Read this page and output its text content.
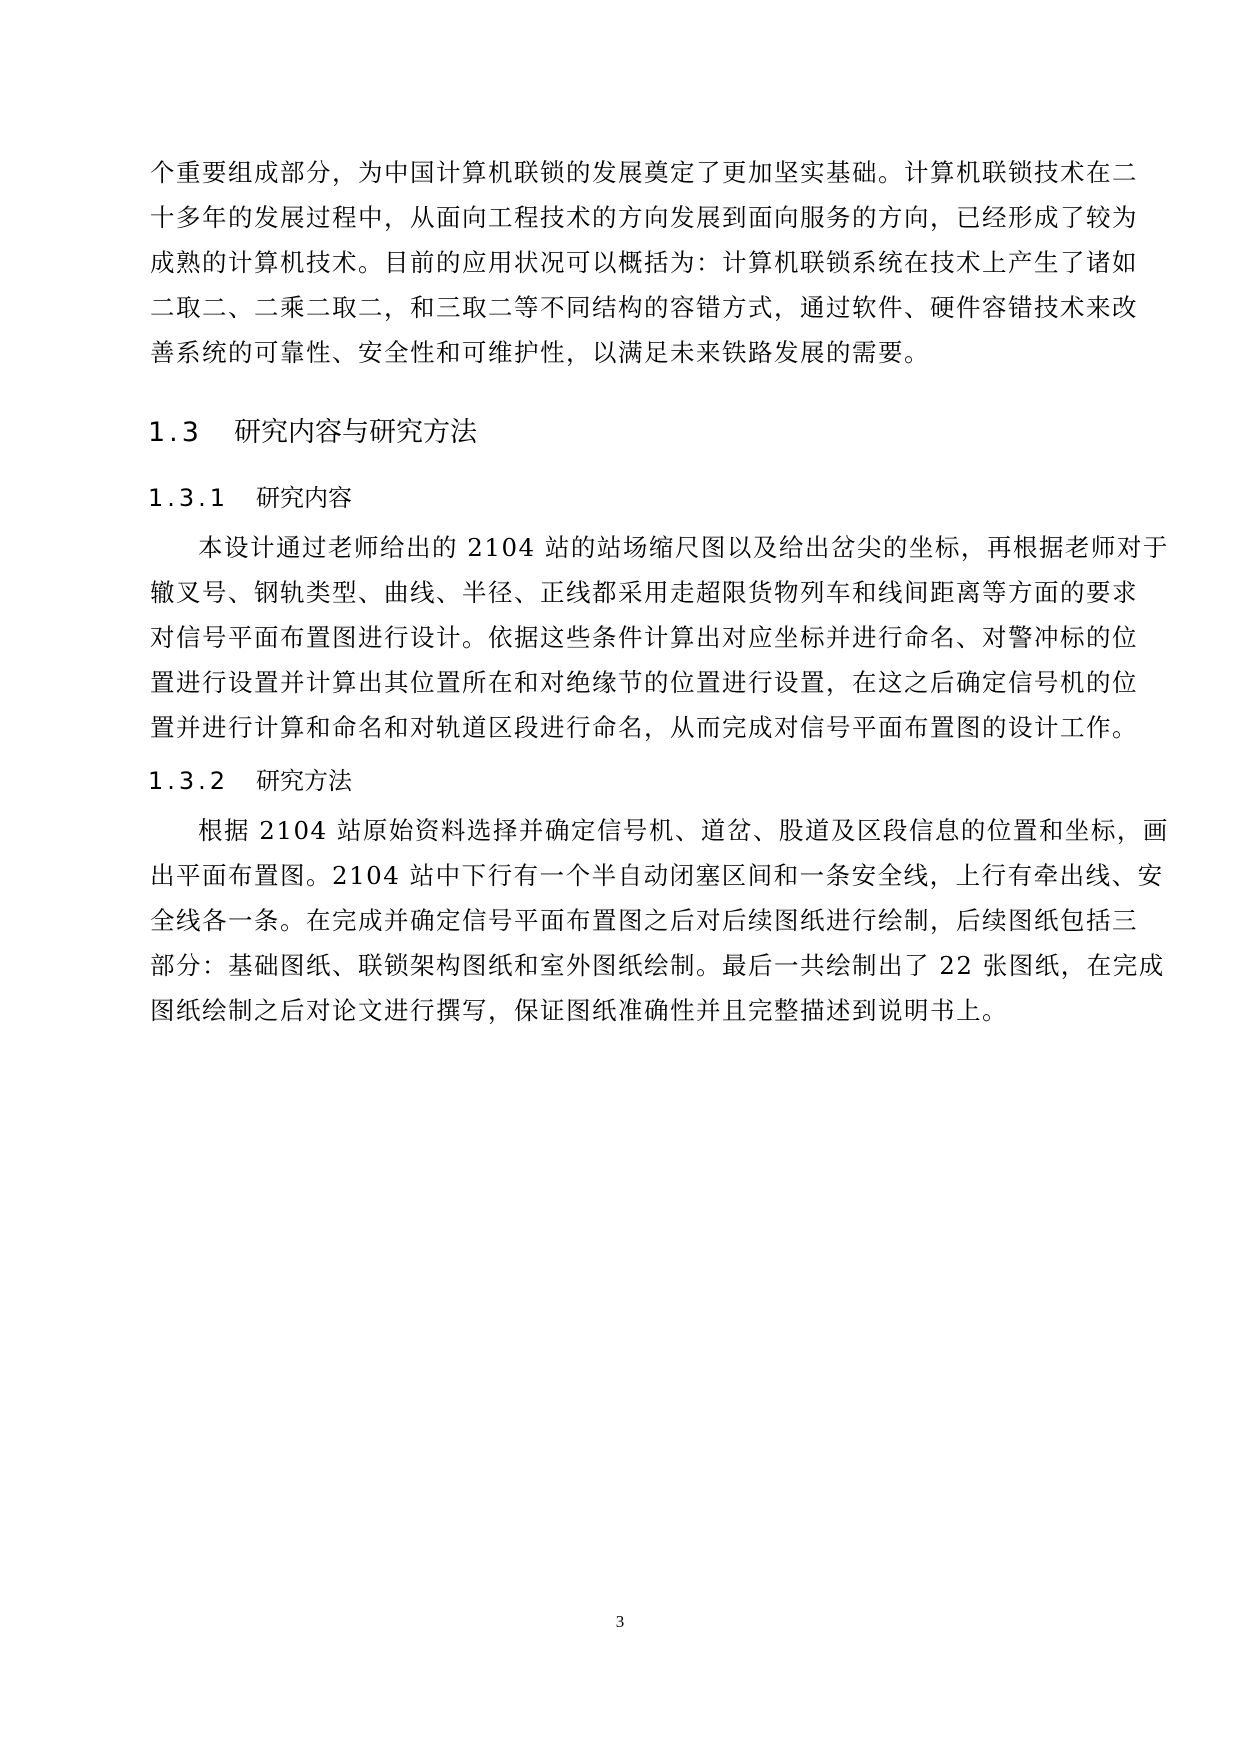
个重要组成部分，为中国计算机联锁的发展奠定了更加坚实基础。计算机联锁技术在二
十多年的发展过程中，从面向工程技术的方向发展到面向服务的方向，已经形成了较为
成熟的计算机技术。目前的应用状况可以概括为：计算机联锁系统在技术上产生了诸如
二取二、二乘二取二，和三取二等不同结构的容错方式，通过软件、硬件容错技术来改
善系统的可靠性、安全性和可维护性，以满足未来铁路发展的需要。
1.3 研究内容与研究方法
1.3.1 研究内容
本设计通过老师给出的 2104 站的站场缩尺图以及给出岔尖的坐标，再根据老师对于
辙叉号、钢轨类型、曲线、半径、正线都采用走超限货物列车和线间距离等方面的要求
对信号平面布置图进行设计。依据这些条件计算出对应坐标并进行命名、对警冲标的位
置进行设置并计算出其位置所在和对绝缘节的位置进行设置，在这之后确定信号机的位
置并进行计算和命名和对轨道区段进行命名，从而完成对信号平面布置图的设计工作。
1.3.2 研究方法
根据 2104 站原始资料选择并确定信号机、道岔、股道及区段信息的位置和坐标，画
出平面布置图。2104 站中下行有一个半自动闭塞区间和一条安全线，上行有牵出线、安
全线各一条。在完成并确定信号平面布置图之后对后续图纸进行绘制，后续图纸包括三
部分：基础图纸、联锁架构图纸和室外图纸绘制。最后一共绘制出了 22 张图纸，在完成
图纸绘制之后对论文进行撰写，保证图纸准确性并且完整描述到说明书上。
3
